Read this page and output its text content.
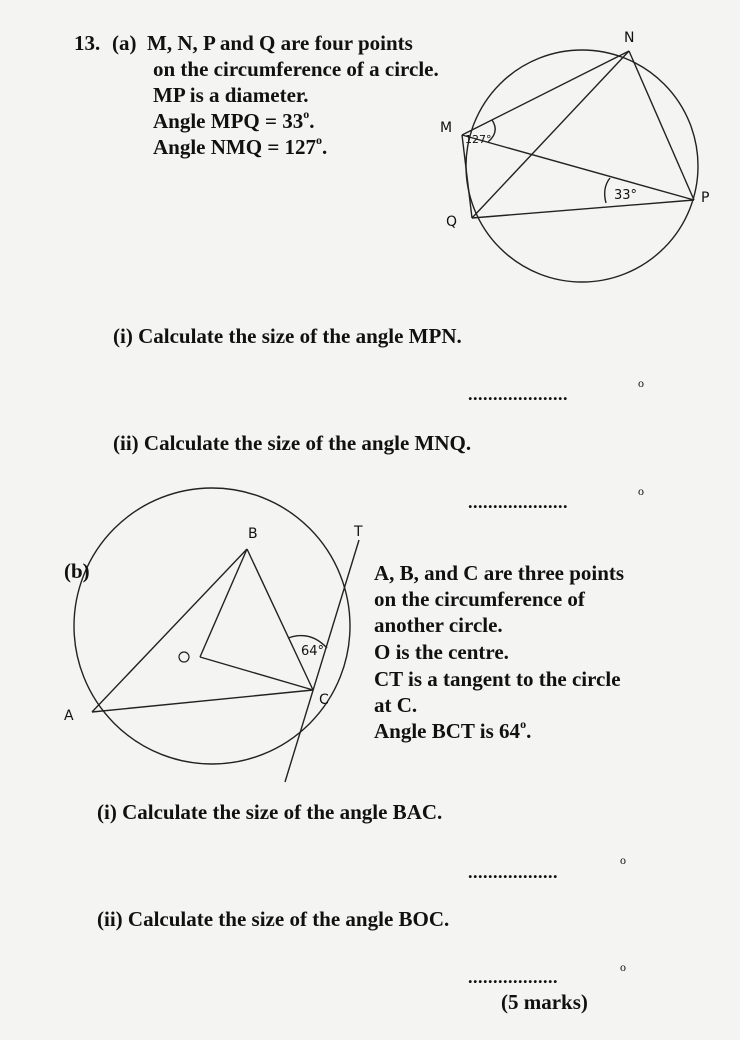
13. (a) M, N, P and Q are four points
on the circumference of a circle.
MP is a diameter.
Angle MPQ = $33^o$.
Angle NMQ = $127^o$.
N
M
Q
P
127°
33°
B	T
C
A
64°
(i) Calculate the size of the angle MPN.
....................
o
(ii) Calculate the size of the angle MNQ.
....................
o
(b)	A, B, and C are three points
on the circumference of
another circle.
O is the centre.
CT is a tangent to the circle
at C.
Angle BCT is 64$^o$.
(i) Calculate the size of the angle BAC.
..................
o
(ii) Calculate the size of the angle BOC.
..................	o
(5 marks)
